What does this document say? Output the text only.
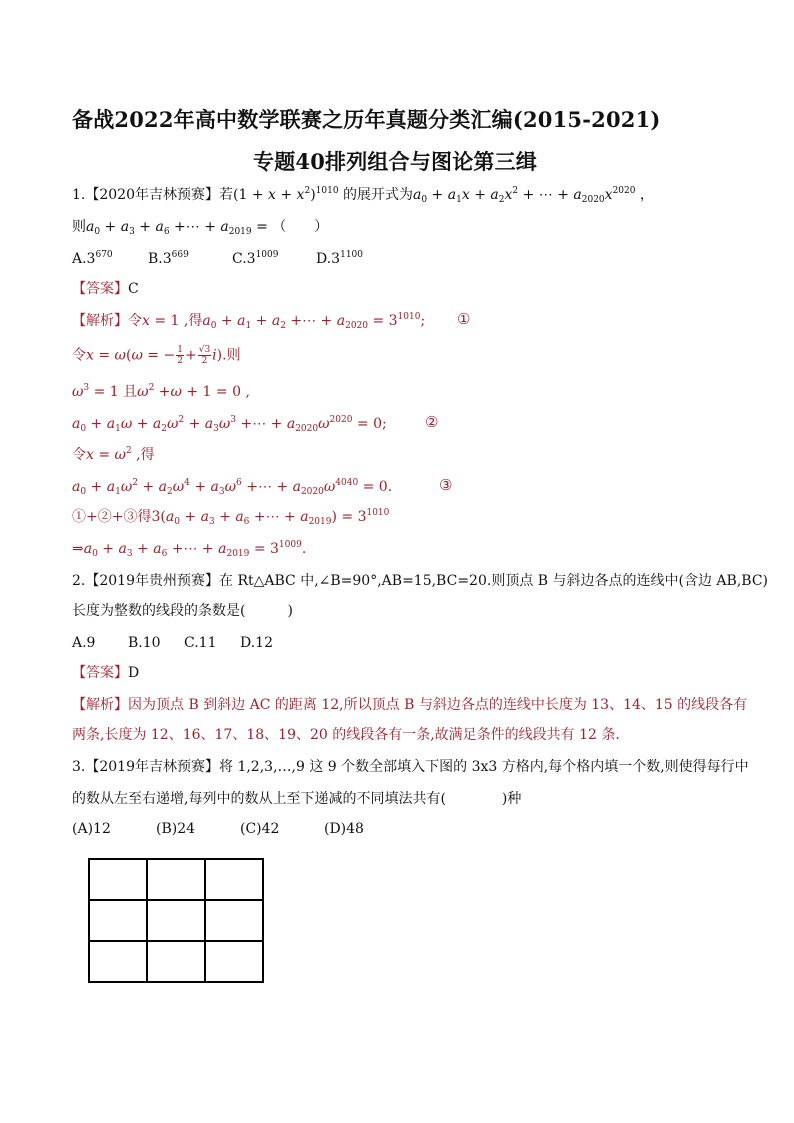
备战2022年高中数学联赛之历年真题分类汇编(2015-2021)
专题40排列组合与图论第三缉
1.【2020年吉林预赛】若$(1 + x + x^2)^{1010}$ 的展开式为$a_0 + a_1x + a_2x^2$ + ⋯ + $a_{2020}x^{2020}$ ，
则$a_0 + a_3 + a_6$ +⋯ + $a_{2019}$ = （　　）
$A.3^{670}$	$B.3^{669}$	$C.3^{1009}$	$D.3^{1100}$
【答案】C
【解析】令x = 1 ,得$a_0 + a_1 + a_2$ +⋯ + $a_{2020} = 3^{1010}$; ①
令x = ω(ω = − $\frac{1}{2} + \frac{√3}{2} i$).则
$\omega^3 = 1$ 且$\omega^2 +\omega + 1 = 0$ ,
$a_0 + a_1\omega + a_2\omega^2 + a_3\omega^3$ +⋯ + $a_{2020}\omega^{2020} = 0$;	②
令$x = \omega^2$ ,得
$a_0 + a_1\omega^2 + a_2\omega^4 + a_3\omega^6$ +⋯ + $a_{2020}\omega^{4040} = 0$.	③
①+②+③得$3(a_0 + a_3 + a_6$ +⋯ + $a_{2019}) = 3^{1010}$
$\Rightarrow a_0 + a_3 + a_6$ +⋯ + $a_{2019} = 3^{1009}$.
2.【2019年贵州预赛】在 Rt△ABC 中,∠B=90°,AB=15,BC=20.则顶点 B 与斜边各点的连线中(含边 AB,BC)
长度为整数的线段的条数是(　　　)
A.9 B.10 C.11 D.12
【答案】D
【解析】因为顶点 B 到斜边 AC 的距离 12,所以顶点 B 与斜边各点的连线中长度为 13、14、15 的线段各有
两条,长度为 12、16、17、18、19、20 的线段各有一条,故满足条件的线段共有 12 条.
3.【2019年吉林预赛】将 1,2,3,…,9 这 9 个数全部填入下图的 3x3 方格内,每个格内填一个数,则使得每行中
的数从左至右递增,每列中的数从上至下递减的不同填法共有(　　　　)种
(A)12	(B)24	(C)42	(D)48
